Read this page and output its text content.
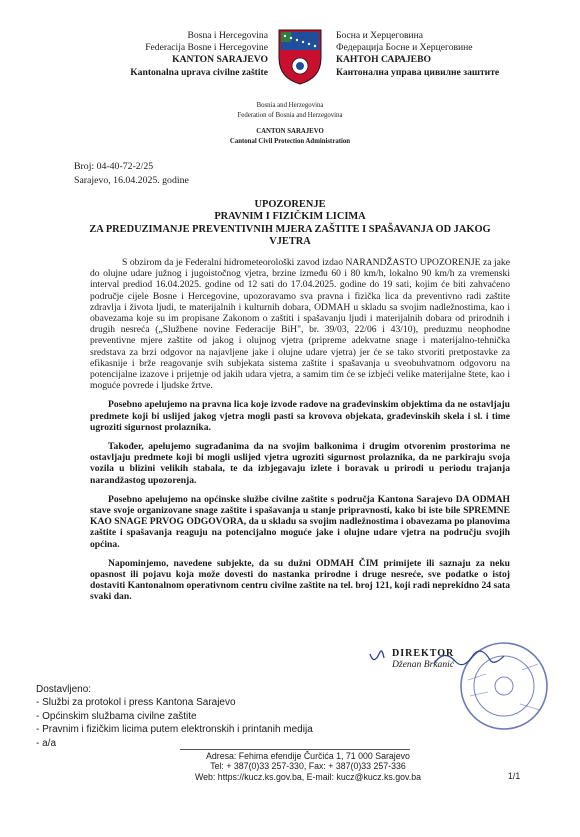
Bosna i Hercegovina
Federacija Bosne i Hercegovine
KANTON SARAJEVO
Kantonalna uprava civilne zaštite
Босна и Херцеговина
Федерација Босне и Херцеговине
КАНТОН САРАЈЕВО
Кантонална управа цивилне заштите
Bosnia and Herzegovina
Federation of Bosnia and Herzegovina
CANTON SARAJEVO
Cantonal Civil Protection Administration
Broj: 04-40-72-2/25
Sarajevo, 16.04.2025. godine
UPOZORENJE
PRAVNIM I FIZIČKIM LICIMA
ZA PREDUZIMANJE PREVENTIVNIH MJERA ZAŠTITE I SPAŠAVANJA OD JAKOG VJETRA

S obzirom da je Federalni hidrometeorološki zavod izdao NARANDŽASTO UPOZORENJE za jake do olujne udare južnog i jugoistočnog vjetra, brzine između 60 i 80 km/h, lokalno 90 km/h za vremenski interval prediod 16.04.2025. godine od 12 sati do 17.04.2025. godine do 19 sati, kojim će biti zahvaćeno područje cijele Bosne i Hercegovine, upozoravamo sva pravna i fizička lica da preventivno radi zaštite zdravlja i života ljudi, te materijalnih i kulturnih dobara, ODMAH u skladu sa svojim nadležnostima, kao i obavezama koje su im propisane Zakonom o zaštiti i spašavanju ljudi i materijalnih dobara od prirodnih i drugih nesreća („Službene novine Federacije BiH", br. 39/03, 22/06 i 43/10), preduzmu neophodne preventivne mjere zaštite od jakog i olujnog vjetra (pripreme adekvatne snage i materijalno-tehnička sredstava za brzi odgovor na najavljene jake i olujne udare vjetra) jer će se tako stvoriti pretpostavke za efikasnije i brže reagovanje svih subjekata sistema zaštite i spašavanja u sveobuhvatnom odgovoru na potencijalne izazove i prijetnje od jakih udara vjetra, a samim tim će se izbjeći velike materijalne štete, kao i moguće povrede i ljudske žrtve.

Posebno apelujemo na pravna lica koje izvode radove na građevinskim objektima da ne ostavljaju predmete koji bi uslijed jakog vjetra mogli pasti sa krovova objekata, građevinskih skela i sl. i time ugroziti sigurnost prolaznika.

Također, apelujemo sugrađanima da na svojim balkonima i drugim otvorenim prostorima ne ostavljaju predmete koji bi mogli uslijed vjetra ugroziti sigurnost prolaznika, da ne parkiraju svoja vozila u blizini velikih stabala, te da izbjegavaju izlete i boravak u prirodi u periodu trajanja narandžastog upozorenja.

Posebno apelujemo na općinske službe civilne zaštite s područja Kantona Sarajevo DA ODMAH stave svoje organizovane snage zaštite i spašavanja u stanje pripravnosti, kako bi iste bile SPREMNE KAO SNAGE PRVOG ODGOVORA, da u skladu sa svojim nadležnostima i obavezama po planovima zaštite i spašavanja reaguju na potencijalno moguće jake i olujne udare vjetra na području svojih općina.

Napominjemo, navedene subjekte, da su dužni ODMAH ČIM primijete ili saznaju za neku opasnost ili pojavu koja može dovesti do nastanka prirodne i druge nesreće, sve podatke o istoj dostaviti Kantonalnom operativnom centru civilne zaštite na tel. broj 121, koji radi neprekidno 24 sata svaki dan.

DIREKTOR
Dženan Brkanić
Dostavljeno:
- Službi za protokol i press Kantona Sarajevo
- Općinskim službama civilne zaštite
- Pravnim i fizičkim licima putem elektronskih i printanih medija
- a/a
Adresa: Fehima efendije Čurčića 1, 71 000 Sarajevo
Tel: + 387(0)33 257-330, Fax: + 387(0)33 257-336
Web: https://kucz.ks.gov.ba, E-mail: kucz@kucz.ks.gov.ba	1/1
